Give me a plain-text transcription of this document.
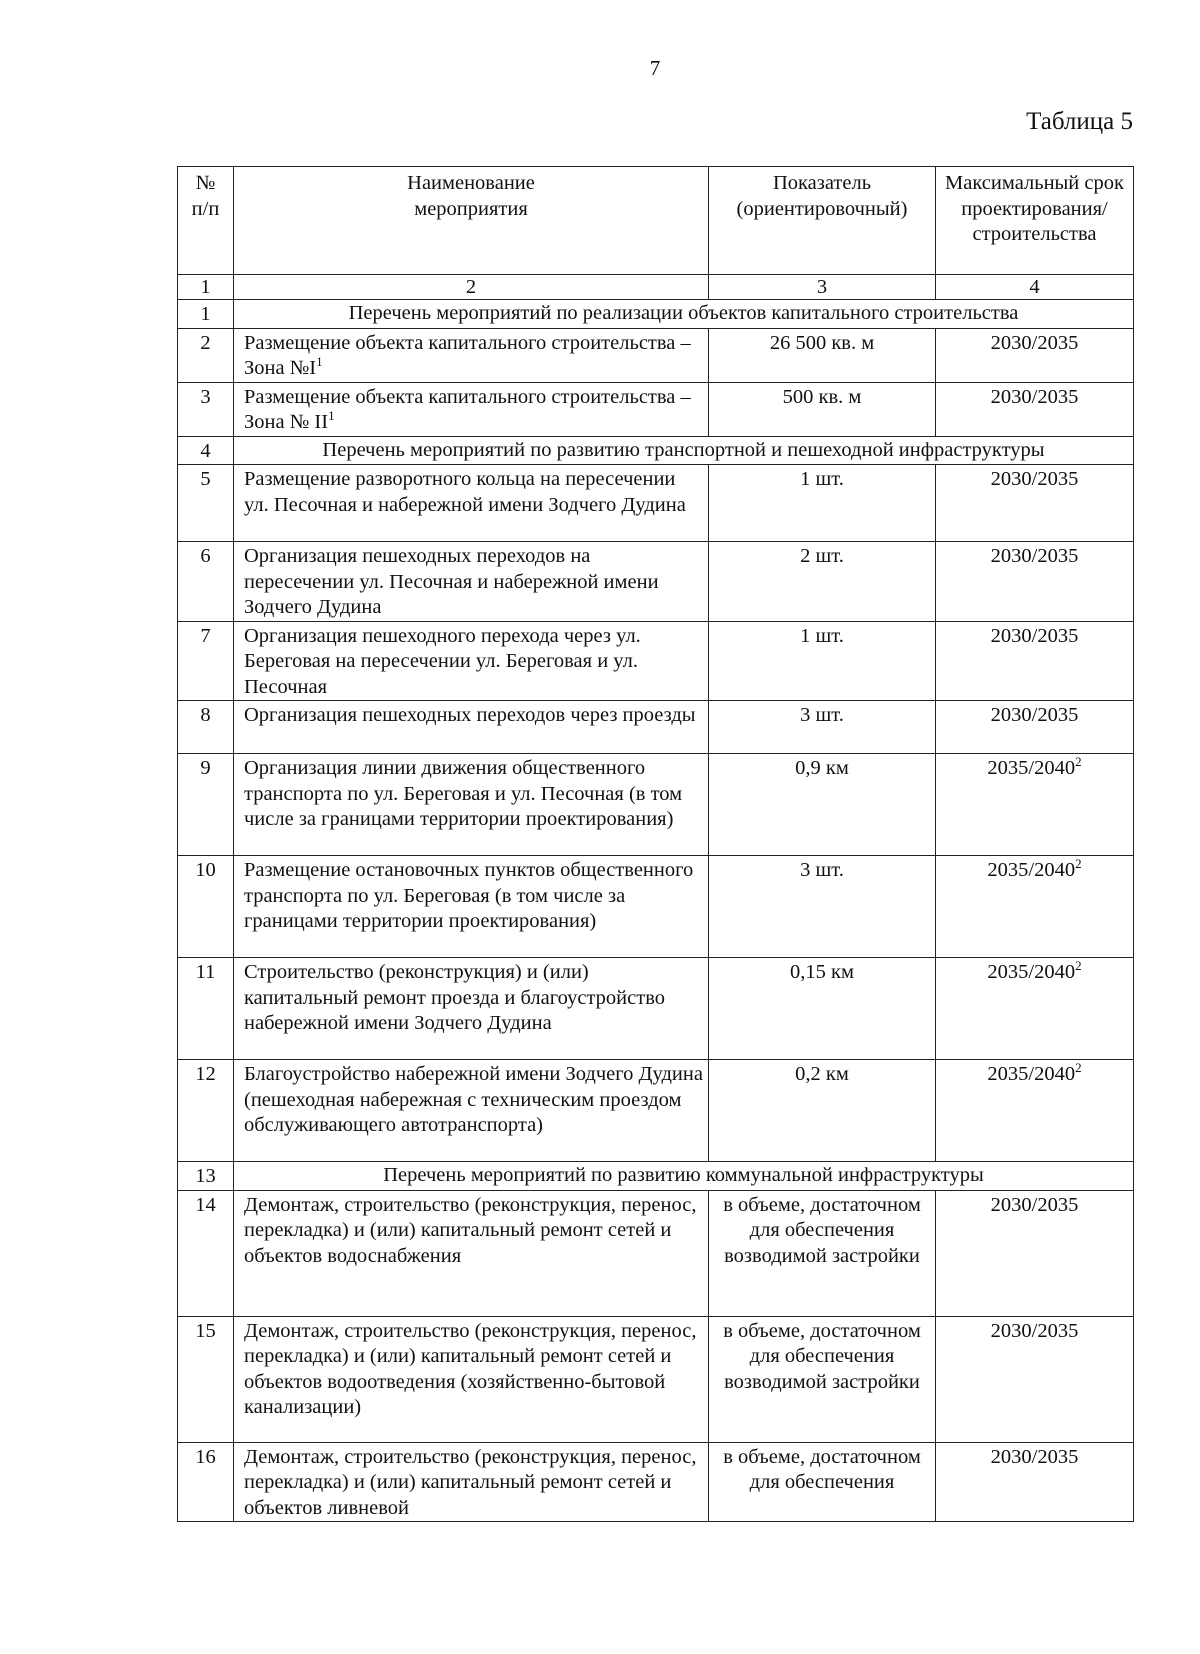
7
Таблица 5
№ п/п	Наименование мероприятия	Показатель (ориентировочный)	Максимальный срок проектирования/ строительства
1	2	3	4
1	Перечень мероприятий по реализации объектов капитального строительства		
2	Размещение объекта капитального строительства – Зона $№I^1$	26 500 кв. м	2030/2035
3	Размещение объекта капитального строительства – Зона № $II^1$	500 кв. м	2030/2035
4	Перечень мероприятий по развитию транспортной и пешеходной инфраструктуры		
5	Размещение разворотного кольца на пересечении ул. Песочная и набережной имени Зодчего Дудина	1 шт.	2030/2035
6	Организация пешеходных переходов на пересечении ул. Песочная и набережной имени Зодчего Дудина	2 шт.	2030/2035
7	Организация пешеходного перехода через ул. Береговая на пересечении ул. Береговая и ул. Песочная	1 шт.	2030/2035
8	Организация пешеходных переходов через проезды	3 шт.	2030/2035
9	Организация линии движения общественного транспорта по ул. Береговая и ул. Песочная (в том числе за границами территории проектирования)	0,9 км	2035/2040$^2$
10	Размещение остановочных пунктов общественного транспорта по ул. Береговая (в том числе за границами территории проектирования)	3 шт.	2035/2040$^2$
11	Строительство (реконструкция) и (или) капитальный ремонт проезда и благоустройство набережной имени Зодчего Дудина	0,15 км	2035/2040$^2$
12	Благоустройство набережной имени Зодчего Дудина (пешеходная набережная с техническим проездом обслуживающего автотранспорта)	0,2 км	2035/2040$^2$
13	Перечень мероприятий по развитию коммунальной инфраструктуры		
14	Демонтаж, строительство (реконструкция, перенос, перекладка) и (или) капитальный ремонт сетей и объектов водоснабжения	в объеме, достаточном для обеспечения возводимой застройки	2030/2035
15	Демонтаж, строительство (реконструкция, перенос, перекладка) и (или) капитальный ремонт сетей и объектов водоотведения (хозяйственно-бытовой канализации)	в объеме, достаточном для обеспечения возводимой застройки	2030/2035
16	Демонтаж, строительство (реконструкция, перенос, перекладка) и (или) капитальный ремонт сетей и объектов ливневой	в объеме, достаточном для обеспечения	2030/2035
